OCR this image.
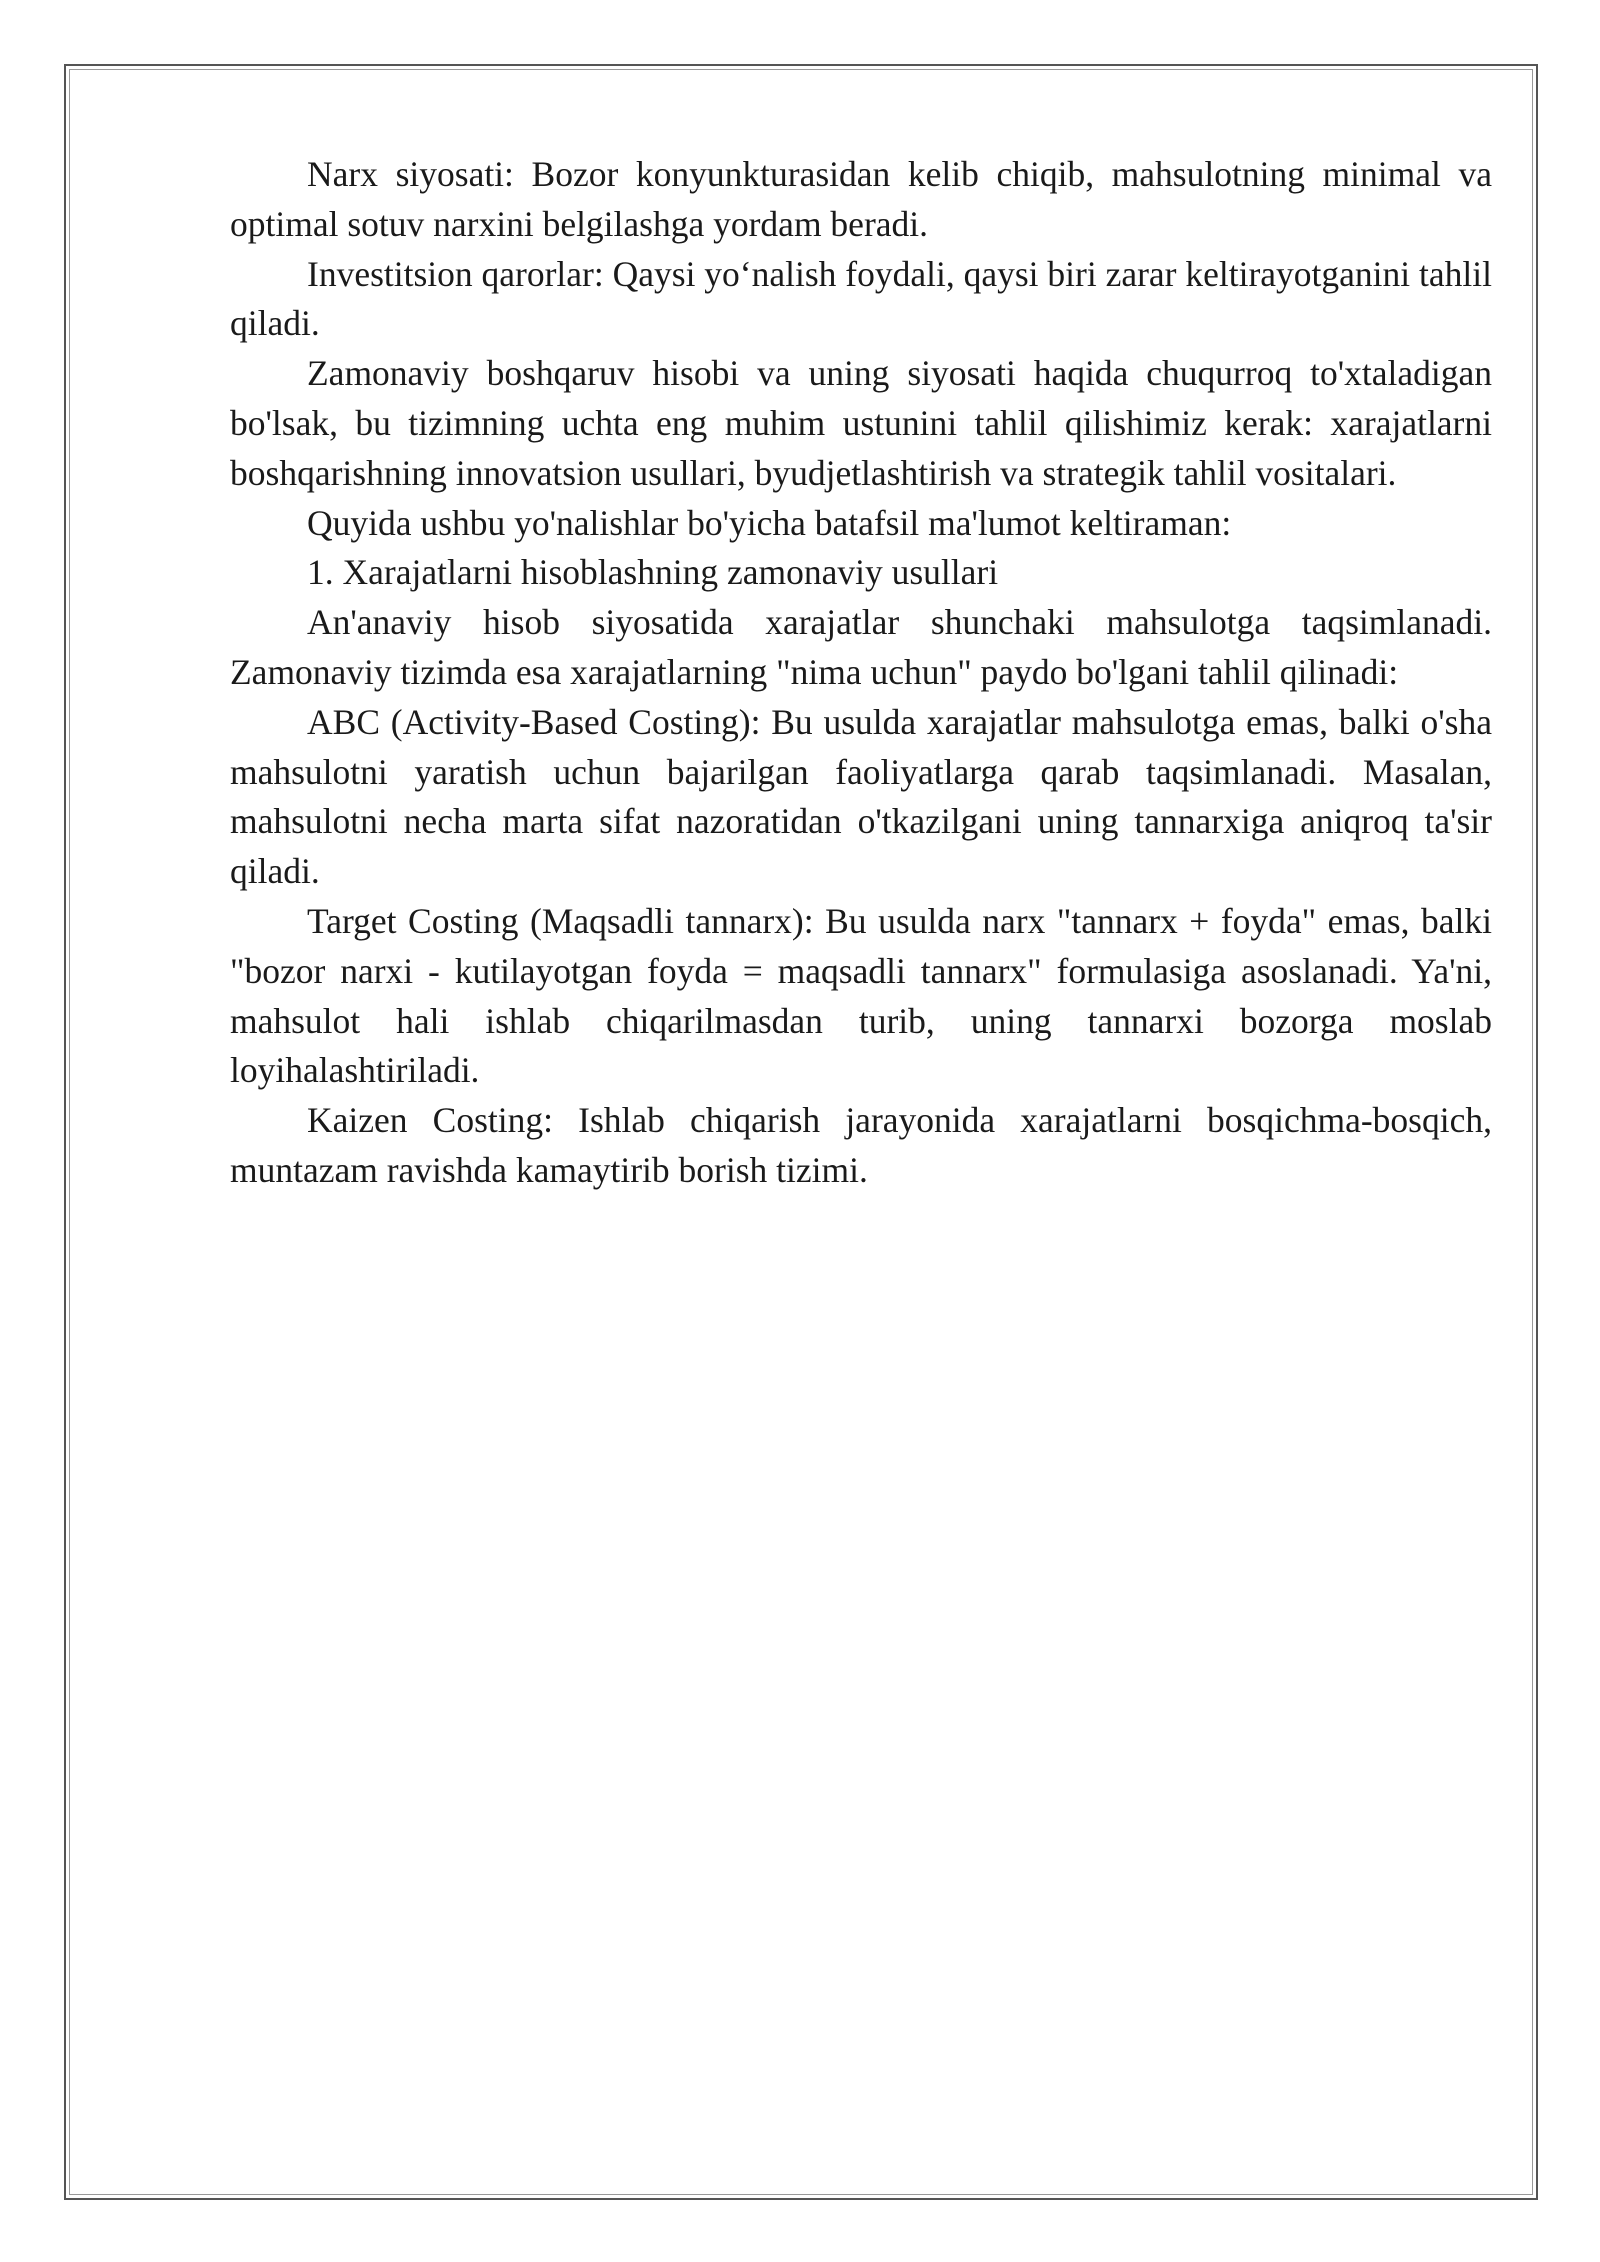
Narx siyosati: Bozor konyunkturasidan kelib chiqib, mahsulotning minimal va optimal sotuv narxini belgilashga yordam beradi.

Investitsion qarorlar: Qaysi yo‘nalish foydali, qaysi biri zarar keltirayotganini tahlil qiladi.

Zamonaviy boshqaruv hisobi va uning siyosati haqida chuqurroq to'xtaladigan bo'lsak, bu tizimning uchta eng muhim ustunini tahlil qilishimiz kerak: xarajatlarni boshqarishning innovatsion usullari, byudjetlashtirish va strategik tahlil vositalari.

Quyida ushbu yo'nalishlar bo'yicha batafsil ma'lumot keltiraman:

1. Xarajatlarni hisoblashning zamonaviy usullari

An'anaviy hisob siyosatida xarajatlar shunchaki mahsulotga taqsimlanadi. Zamonaviy tizimda esa xarajatlarning "nima uchun" paydo bo'lgani tahlil qilinadi:

ABC (Activity-Based Costing): Bu usulda xarajatlar mahsulotga emas, balki o'sha mahsulotni yaratish uchun bajarilgan faoliyatlarga qarab taqsimlanadi. Masalan, mahsulotni necha marta sifat nazoratidan o'tkazilgani uning tannarxiga aniqroq ta'sir qiladi.

Target Costing (Maqsadli tannarx): Bu usulda narx "tannarx + foyda" emas, balki "bozor narxi - kutilayotgan foyda = maqsadli tannarx" formulasiga asoslanadi. Ya'ni, mahsulot hali ishlab chiqarilmasdan turib, uning tannarxi bozorga moslab loyihalashtiriladi.

Kaizen Costing: Ishlab chiqarish jarayonida xarajatlarni bosqichma-bosqich, muntazam ravishda kamaytirib borish tizimi.
